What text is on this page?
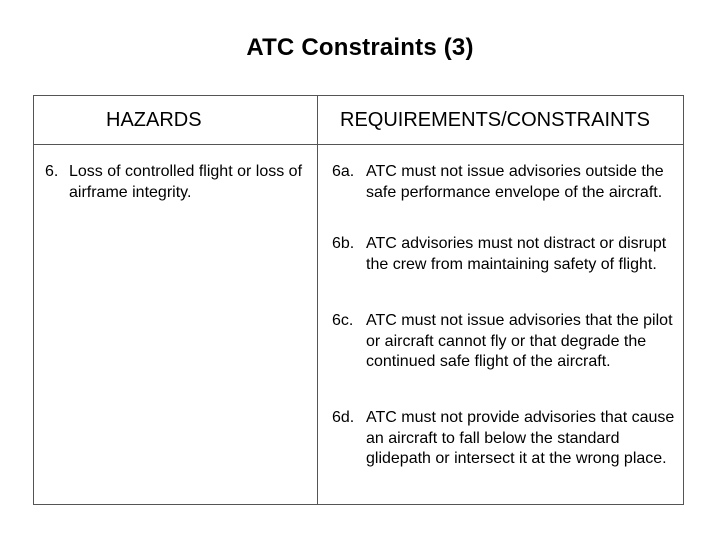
ATC Constraints (3)
HAZARDS	REQUIREMENTS/CONSTRAINTS
6. Loss of controlled flight or loss of airframe integrity.
6a. ATC must not issue advisories outside the safe performance envelope of the aircraft.
6b. ATC advisories must not distract or disrupt the crew from maintaining safety of flight.
6c. ATC must not issue advisories that the pilot or aircraft cannot fly or that degrade the continued safe flight of the aircraft.
6d. ATC must not provide advisories that cause an aircraft to fall below the standard glidepath or intersect it at the wrong place.
